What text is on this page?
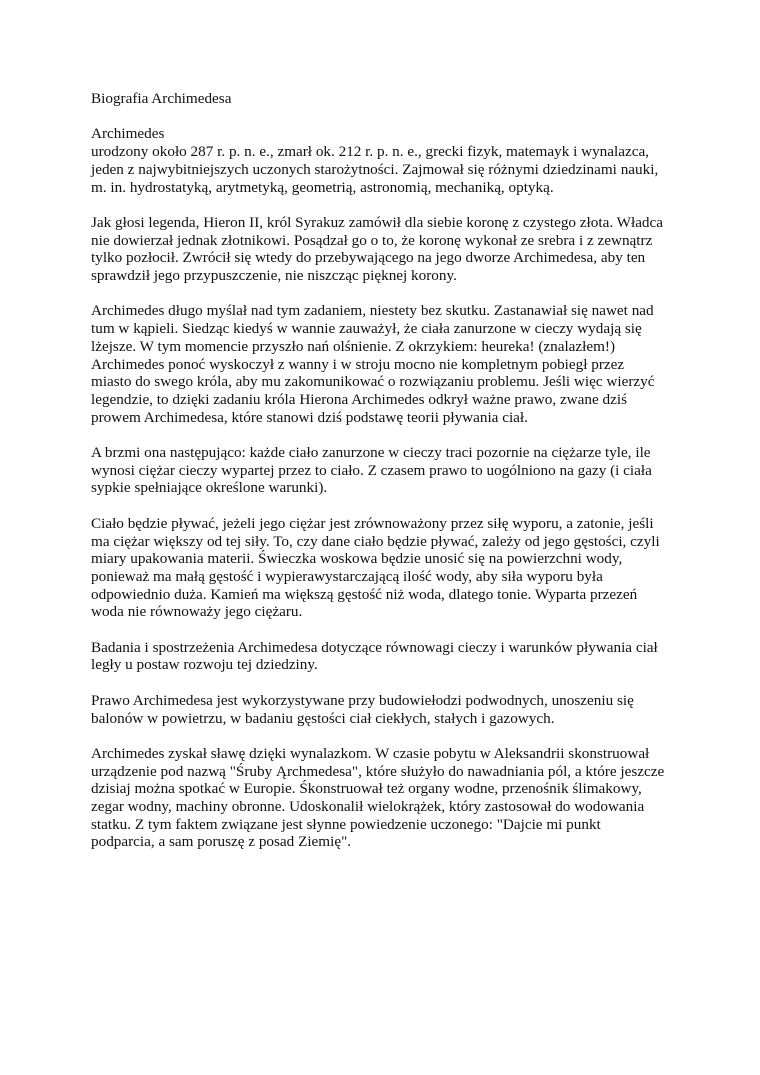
Biografia Archimedesa

Archimedes
urodzony około 287 r. p. n. e., zmarł ok. 212 r. p. n. e., grecki fizyk, matemayk i wynalazca,
jeden z najwybitniejszych uczonych starożytności. Zajmował się różnymi dziedzinami nauki,
m. in. hydrostatyką, arytmetyką, geometrią, astronomią, mechaniką, optyką.

Jak głosi legenda, Hieron II, król Syrakuz zamówił dla siebie koronę z czystego złota. Władca
nie dowierzał jednak złotnikowi. Posądzał go o to, że koronę wykonał ze srebra i z zewnątrz
tylko pozłocił. Zwrócił się wtedy do przebywającego na jego dworze Archimedesa, aby ten
sprawdził jego przypuszczenie, nie niszcząc pięknej korony.

Archimedes długo myślał nad tym zadaniem, niestety bez skutku. Zastanawiał się nawet nad
tum w kąpieli. Siedząc kiedyś w wannie zauważył, że ciała zanurzone w cieczy wydają się
lżejsze. W tym momencie przyszło nań olśnienie. Z okrzykiem: heureka! (znalazłem!)
Archimedes ponoć wyskoczył z wanny i w stroju mocno nie kompletnym pobiegł przez
miasto do swego króla, aby mu zakomunikować o rozwiązaniu problemu. Jeśli więc wierzyć
legendzie, to dzięki zadaniu króla Hierona Archimedes odkrył ważne prawo, zwane dziś
prowem Archimedesa, które stanowi dziś podstawę teorii pływania ciał.

A brzmi ona następująco: każde ciało zanurzone w cieczy traci pozornie na ciężarze tyle, ile
wynosi ciężar cieczy wypartej przez to ciało. Z czasem prawo to uogólniono na gazy (i ciała
sypkie spełniające określone warunki).

Ciało będzie pływać, jeżeli jego ciężar jest zrównoważony przez siłę wyporu, a zatonie, jeśli
ma ciężar większy od tej siły. To, czy dane ciało będzie pływać, zależy od jego gęstości, czyli
miary upakowania materii. Świeczka woskowa będzie unosić się na powierzchni wody,
ponieważ ma małą gęstość i wypierawystarczającą ilość wody, aby siła wyporu była
odpowiednio duża. Kamień ma większą gęstość niż woda, dlatego tonie. Wyparta przezeń
woda nie równoważy jego ciężaru.

Badania i spostrzeżenia Archimedesa dotyczące równowagi cieczy i warunków pływania ciał
legły u postaw rozwoju tej dziedziny.

Prawo Archimedesa jest wykorzystywane przy budowiełodzi podwodnych, unoszeniu się
balonów w powietrzu, w badaniu gęstości ciał ciekłych, stałych i gazowych.

Archimedes zyskał sławę dzięki wynalazkom. W czasie pobytu w Aleksandrii skonstruował
urządzenie pod nazwą "Śruby Ąrchmedesa", które służyło do nawadniania pól, a które jeszcze
dzisiaj można spotkać w Europie. Śkonstruował też organy wodne, przenośnik ślimakowy,
zegar wodny, machiny obronne. Udoskonalił wielokrążek, który zastosował do wodowania
statku. Z tym faktem związane jest słynne powiedzenie uczonego: "Dajcie mi punkt
podparcia, a sam poruszę z posad Ziemię".
